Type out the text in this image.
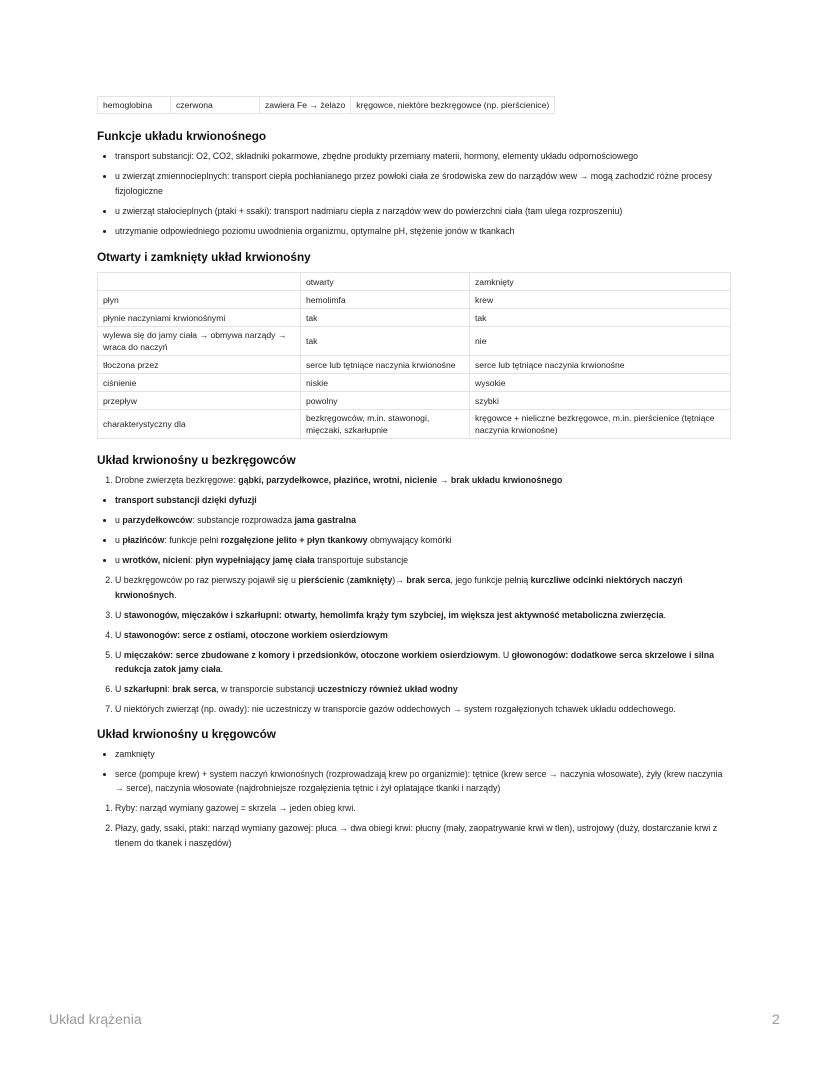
hemoglobina	czerwona	zawiera Fe → żelazo	kręgowce, niektóre bezkręgowce (np. pierścienice)
Funkcje układu krwionośnego
• transport substancji: O2, CO2, składniki pokarmowe, zbędne produkty przemiany materii, hormony, elementy układu odpornościowego
• u zwierząt zmiennocieplnych: transport ciepła pochłanianego przez powłoki ciała ze środowiska zew do narządów wew → mogą zachodzić różne procesy fizjologiczne
• u zwierząt stałocieplnych (ptaki + ssaki): transport nadmiaru ciepła z narządów wew do powierzchni ciała (tam ulega rozproszeniu)
• utrzymanie odpowiedniego poziomu uwodnienia organizmu, optymalne pH, stężenie jonów w tkankach
Otwarty i zamknięty układ krwionośny
	otwarty	zamknięty
płyn	hemolimfa	krew
płynie naczyniami krwionośnymi	tak	tak
wylewa się do jamy ciała → obmywa narządy → wraca do naczyń	tak	nie
tłoczona przez	serce lub tętniące naczynia krwionośne	serce lub tętniące naczynia krwionośne
ciśnienie	niskie	wysokie
przepływ	powolny	szybki
charakterystyczny dla	bezkręgowców, m.in. stawonogi, mięczaki, szkarłupnie	kręgowce + nieliczne bezkręgowce, m.in. pierścienice (tętniące naczynia krwionośne)
Układ krwionośny u bezkręgowców
1. Drobne zwierzęta bezkręgowe: gąbki, parzydełkowce, płazińce, wrotni, nicienie → brak układu krwionośnego
• transport substancji dzięki dyfuzji
• u parzydełkowców: substancje rozprowadza jama gastralna
• u płazińców: funkcje pełni rozgałęzione jelito + płyn tkankowy obmywający komórki
• u wrotków, nicieni: płyn wypełniający jamę ciała transportuje substancje
2. U bezkręgowców po raz pierwszy pojawił się u pierścienic (zamknięty)→ brak serca, jego funkcje pełnią kurczliwe odcinki niektórych naczyń krwionośnych.
3. U stawonogów, mięczaków i szkarłupni: otwarty, hemolimfa krąży tym szybciej, im większa jest aktywność metaboliczna zwierzęcia.
4. U stawonogów: serce z ostiami, otoczone workiem osierdziowym
5. U mięczaków: serce zbudowane z komory i przedsionków, otoczone workiem osierdziowym. U głowonogów: dodatkowe serca skrzelowe i silna redukcja zatok jamy ciała.
6. U szkarłupni: brak serca, w transporcie substancji uczestniczy również układ wodny
7. U niektórych zwierząt (np. owady): nie uczestniczy w transporcie gazów oddechowych → system rozgałęzionych tchawek układu oddechowego.
Układ krwionośny u kręgowców
• zamknięty
• serce (pompuje krew) + system naczyń krwionośnych (rozprowadzają krew po organizmie): tętnice (krew serce → naczynia włosowate), żyły (krew naczynia → serce), naczynia włosowate (najdrobniejsze rozgałęzienia tętnic i żył oplatające tkanki i narządy)
1. Ryby: narząd wymiany gazowej = skrzela → jeden obieg krwi.
2. Płazy, gady, ssaki, ptaki: narząd wymiany gazowej: płuca → dwa obiegi krwi: płucny (mały, zaopatrywanie krwi w tlen), ustrojowy (duży, dostarczanie krwi z tlenem do tkanek i naszędów)
Układ krążenia	2
